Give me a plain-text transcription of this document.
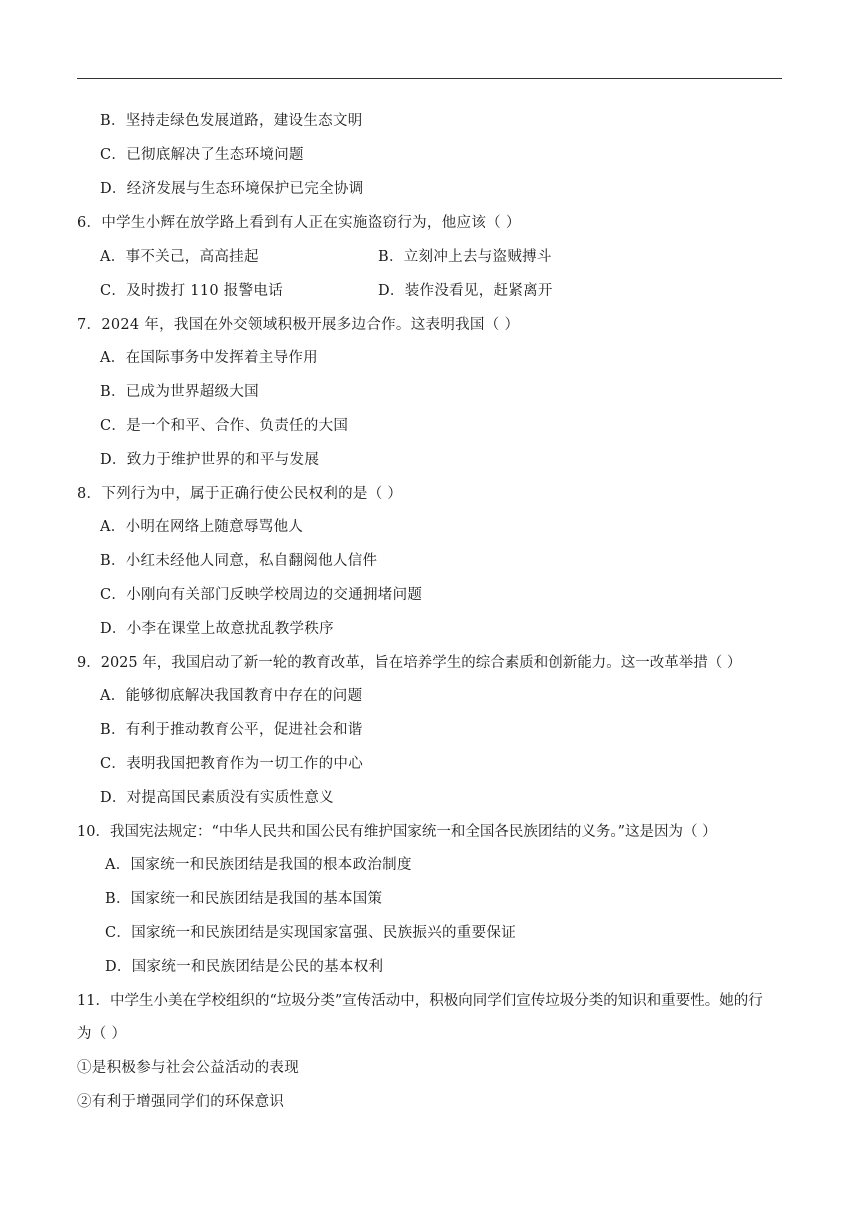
B．坚持走绿色发展道路，建设生态文明
C．已彻底解决了生态环境问题
D．经济发展与生态环境保护已完全协调
6．中学生小辉在放学路上看到有人正在实施盗窃行为，他应该（ ）
A．事不关己，高高挂起	B．立刻冲上去与盗贼搏斗
C．及时拨打 110 报警电话	D．装作没看见，赶紧离开
7．2024 年，我国在外交领域积极开展多边合作。这表明我国（ ）
A．在国际事务中发挥着主导作用
B．已成为世界超级大国
C．是一个和平、合作、负责任的大国
D．致力于维护世界的和平与发展
8．下列行为中，属于正确行使公民权利的是（ ）
A．小明在网络上随意辱骂他人
B．小红未经他人同意，私自翻阅他人信件
C．小刚向有关部门反映学校周边的交通拥堵问题
D．小李在课堂上故意扰乱教学秩序
9．2025 年，我国启动了新一轮的教育改革，旨在培养学生的综合素质和创新能力。这一改革举措（ ）
A．能够彻底解决我国教育中存在的问题
B．有利于推动教育公平，促进社会和谐
C．表明我国把教育作为一切工作的中心
D．对提高国民素质没有实质性意义
10．我国宪法规定：“中华人民共和国公民有维护国家统一和全国各民族团结的义务。”这是因为（ ）
A．国家统一和民族团结是我国的根本政治制度
B．国家统一和民族团结是我国的基本国策
C．国家统一和民族团结是实现国家富强、民族振兴的重要保证
D．国家统一和民族团结是公民的基本权利
11．中学生小美在学校组织的“垃圾分类”宣传活动中，积极向同学们宣传垃圾分类的知识和重要性。她的行
为（ ）
①是积极参与社会公益活动的表现
②有利于增强同学们的环保意识
